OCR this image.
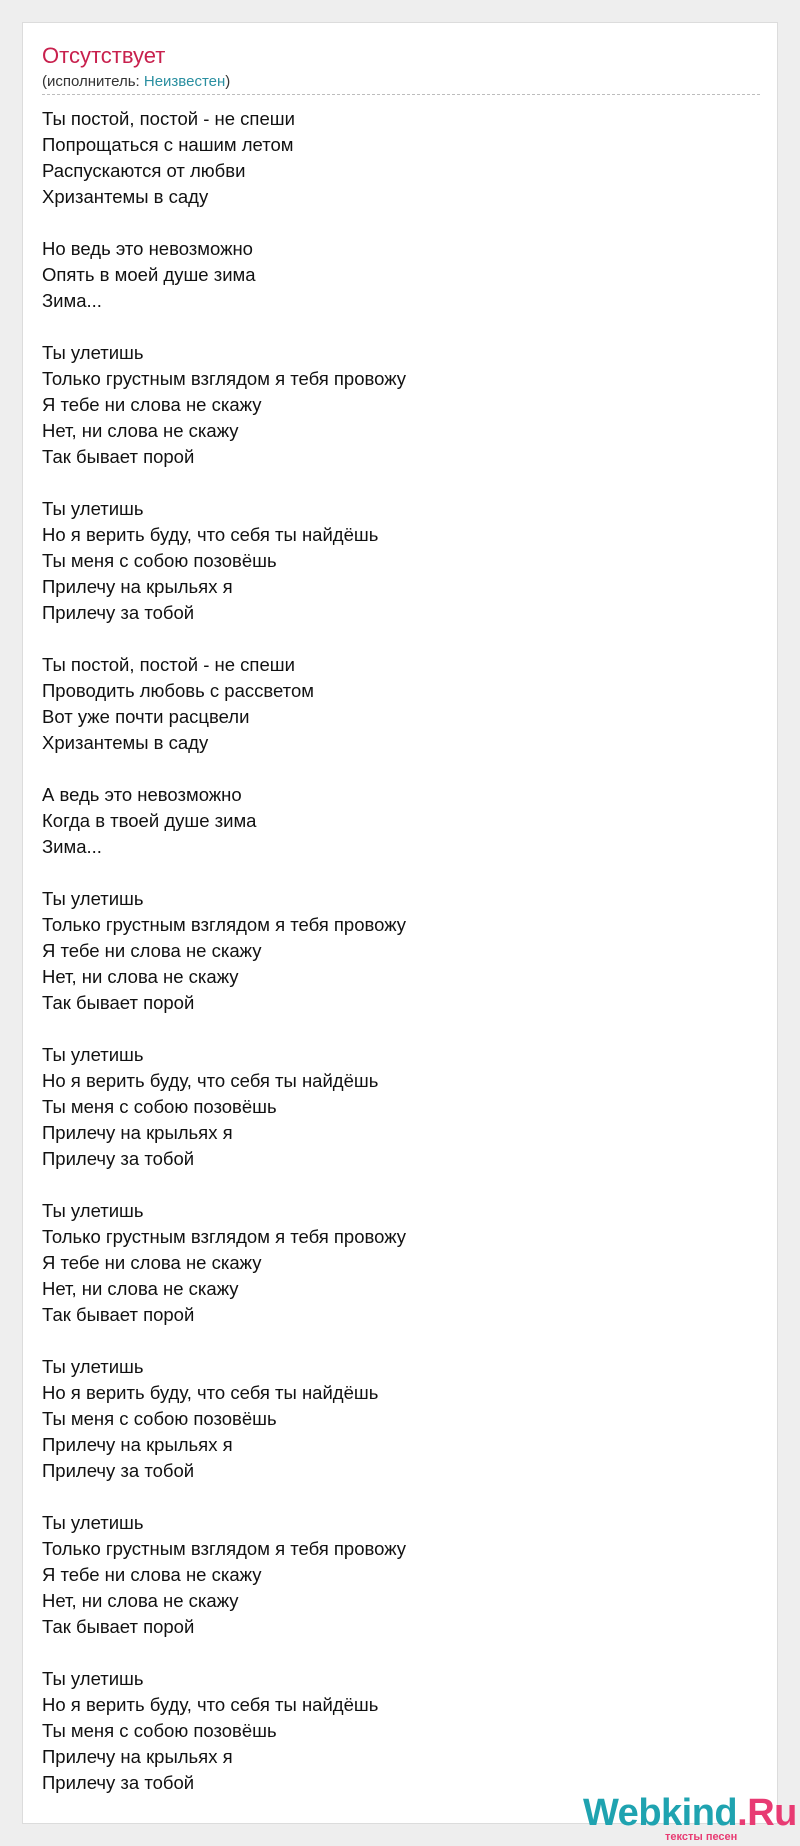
Отсутствует
(исполнитель: Неизвестен)
Ты постой, постой - не спеши
Попрощаться с нашим летом
Распускаются от любви
Хризантемы в саду
Но ведь это невозможно
Опять в моей душе зима
Зима...
Ты улетишь
Только грустным взглядом я тебя провожу
Я тебе ни слова не скажу
Нет, ни слова не скажу
Так бывает порой
Ты улетишь
Но я верить буду, что себя ты найдёшь
Ты меня с собою позовёшь
Прилечу на крыльях я
Прилечу за тобой
Ты постой, постой - не спеши
Проводить любовь с рассветом
Вот уже почти расцвели
Хризантемы в саду
А ведь это невозможно
Когда в твоей душе зима
Зима...
Ты улетишь
Только грустным взглядом я тебя провожу
Я тебе ни слова не скажу
Нет, ни слова не скажу
Так бывает порой
Ты улетишь
Но я верить буду, что себя ты найдёшь
Ты меня с собою позовёшь
Прилечу на крыльях я
Прилечу за тобой
Ты улетишь
Только грустным взглядом я тебя провожу
Я тебе ни слова не скажу
Нет, ни слова не скажу
Так бывает порой
Ты улетишь
Но я верить буду, что себя ты найдёшь
Ты меня с собою позовёшь
Прилечу на крыльях я
Прилечу за тобой
Ты улетишь
Только грустным взглядом я тебя провожу
Я тебе ни слова не скажу
Нет, ни слова не скажу
Так бывает порой
Ты улетишь
Но я верить буду, что себя ты найдёшь
Ты меня с собою позовёшь
Прилечу на крыльях я
Прилечу за тобой
Webkind.Ru
тексты песен
